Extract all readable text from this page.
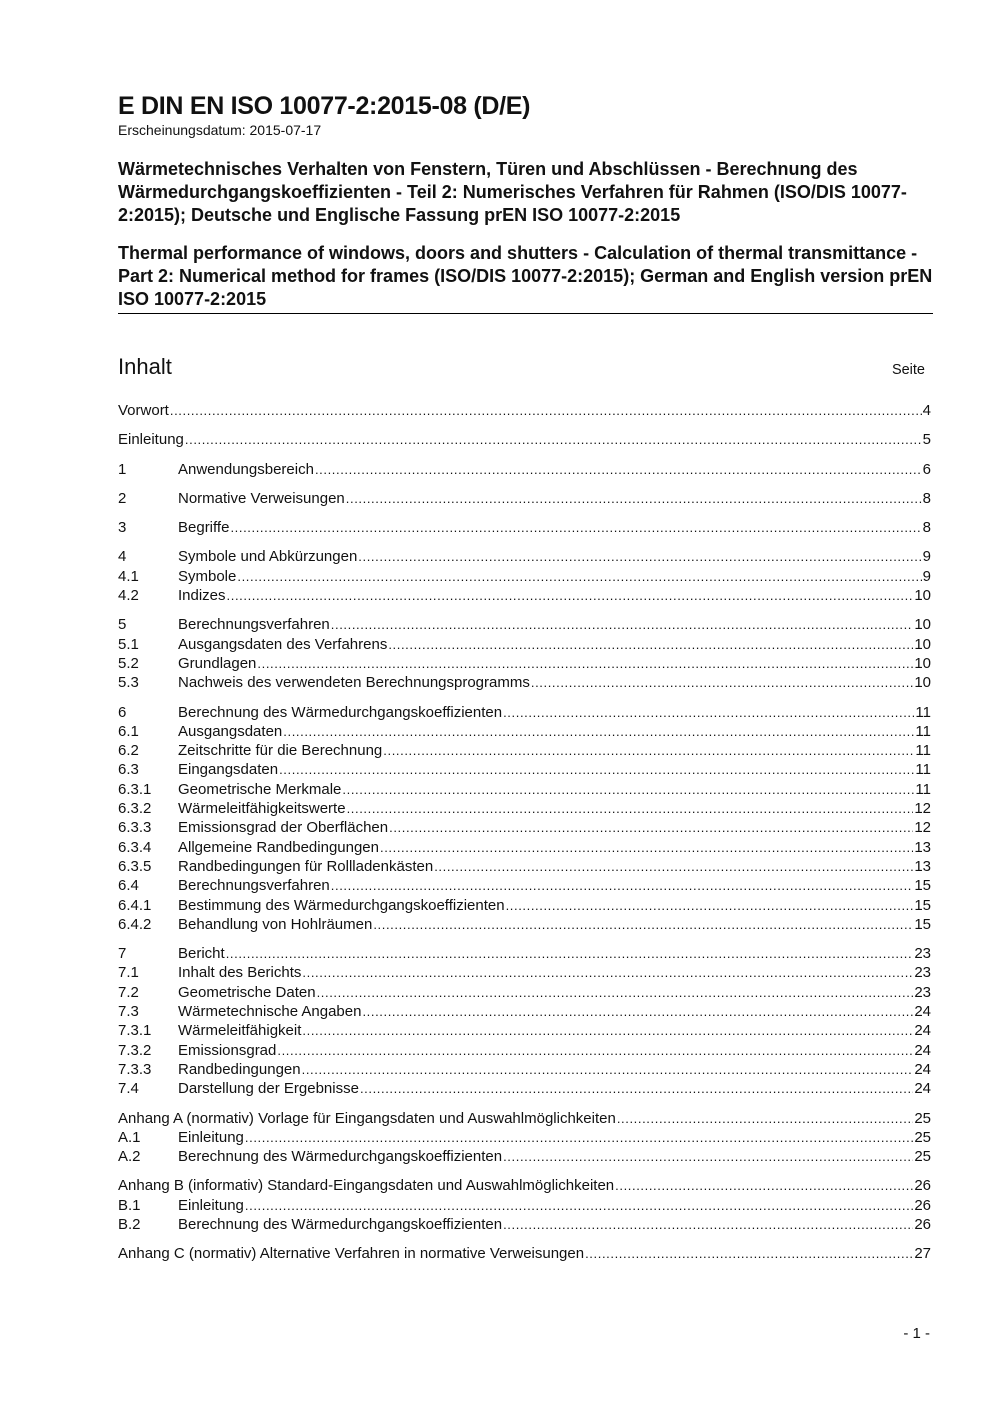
E DIN EN ISO 10077-2:2015-08 (D/E)
Erscheinungsdatum: 2015-07-17
Wärmetechnisches Verhalten von Fenstern, Türen und Abschlüssen - Berechnung des Wärmedurchgangskoeffizienten - Teil 2: Numerisches Verfahren für Rahmen (ISO/DIS 10077-2:2015); Deutsche und Englische Fassung prEN ISO 10077-2:2015
Thermal performance of windows, doors and shutters - Calculation of thermal transmittance - Part 2: Numerical method for frames (ISO/DIS 10077-2:2015); German and English version prEN ISO 10077-2:2015
Inhalt	Seite
Vorwort .....	4
Einleitung .....	5
1	Anwendungsbereich .....	6
2	Normative Verweisungen .....	8
3	Begriffe .....	8
4	Symbole und Abkürzungen .....	9
4.1	Symbole .....	9
4.2	Indizes .....	10
5	Berechnungsverfahren .....	10
5.1	Ausgangsdaten des Verfahrens .....	10
5.2	Grundlagen .....	10
5.3	Nachweis des verwendeten Berechnungsprogramms .....	10
6	Berechnung des Wärmedurchgangskoeffizienten .....	11
6.1	Ausgangsdaten .....	11
6.2	Zeitschritte für die Berechnung .....	11
6.3	Eingangsdaten .....	11
6.3.1	Geometrische Merkmale .....	11
6.3.2	Wärmeleitfähigkeitswerte .....	12
6.3.3	Emissionsgrad der Oberflächen .....	12
6.3.4	Allgemeine Randbedingungen .....	13
6.3.5	Randbedingungen für Rollladenkästen .....	13
6.4	Berechnungsverfahren .....	15
6.4.1	Bestimmung des Wärmedurchgangskoeffizienten .....	15
6.4.2	Behandlung von Hohlräumen .....	15
7	Bericht .....	23
7.1	Inhalt des Berichts .....	23
7.2	Geometrische Daten .....	23
7.3	Wärmetechnische Angaben .....	24
7.3.1	Wärmeleitfähigkeit .....	24
7.3.2	Emissionsgrad .....	24
7.3.3	Randbedingungen .....	24
7.4	Darstellung der Ergebnisse .....	24
Anhang A (normativ) Vorlage für Eingangsdaten und Auswahlmöglichkeiten .....	25
A.1	Einleitung .....	25
A.2	Berechnung des Wärmedurchgangskoeffizienten .....	25
Anhang B (informativ) Standard-Eingangsdaten und Auswahlmöglichkeiten .....	26
B.1	Einleitung .....	26
B.2	Berechnung des Wärmedurchgangskoeffizienten .....	26
Anhang C (normativ) Alternative Verfahren in normative Verweisungen .....	27
- 1 -
